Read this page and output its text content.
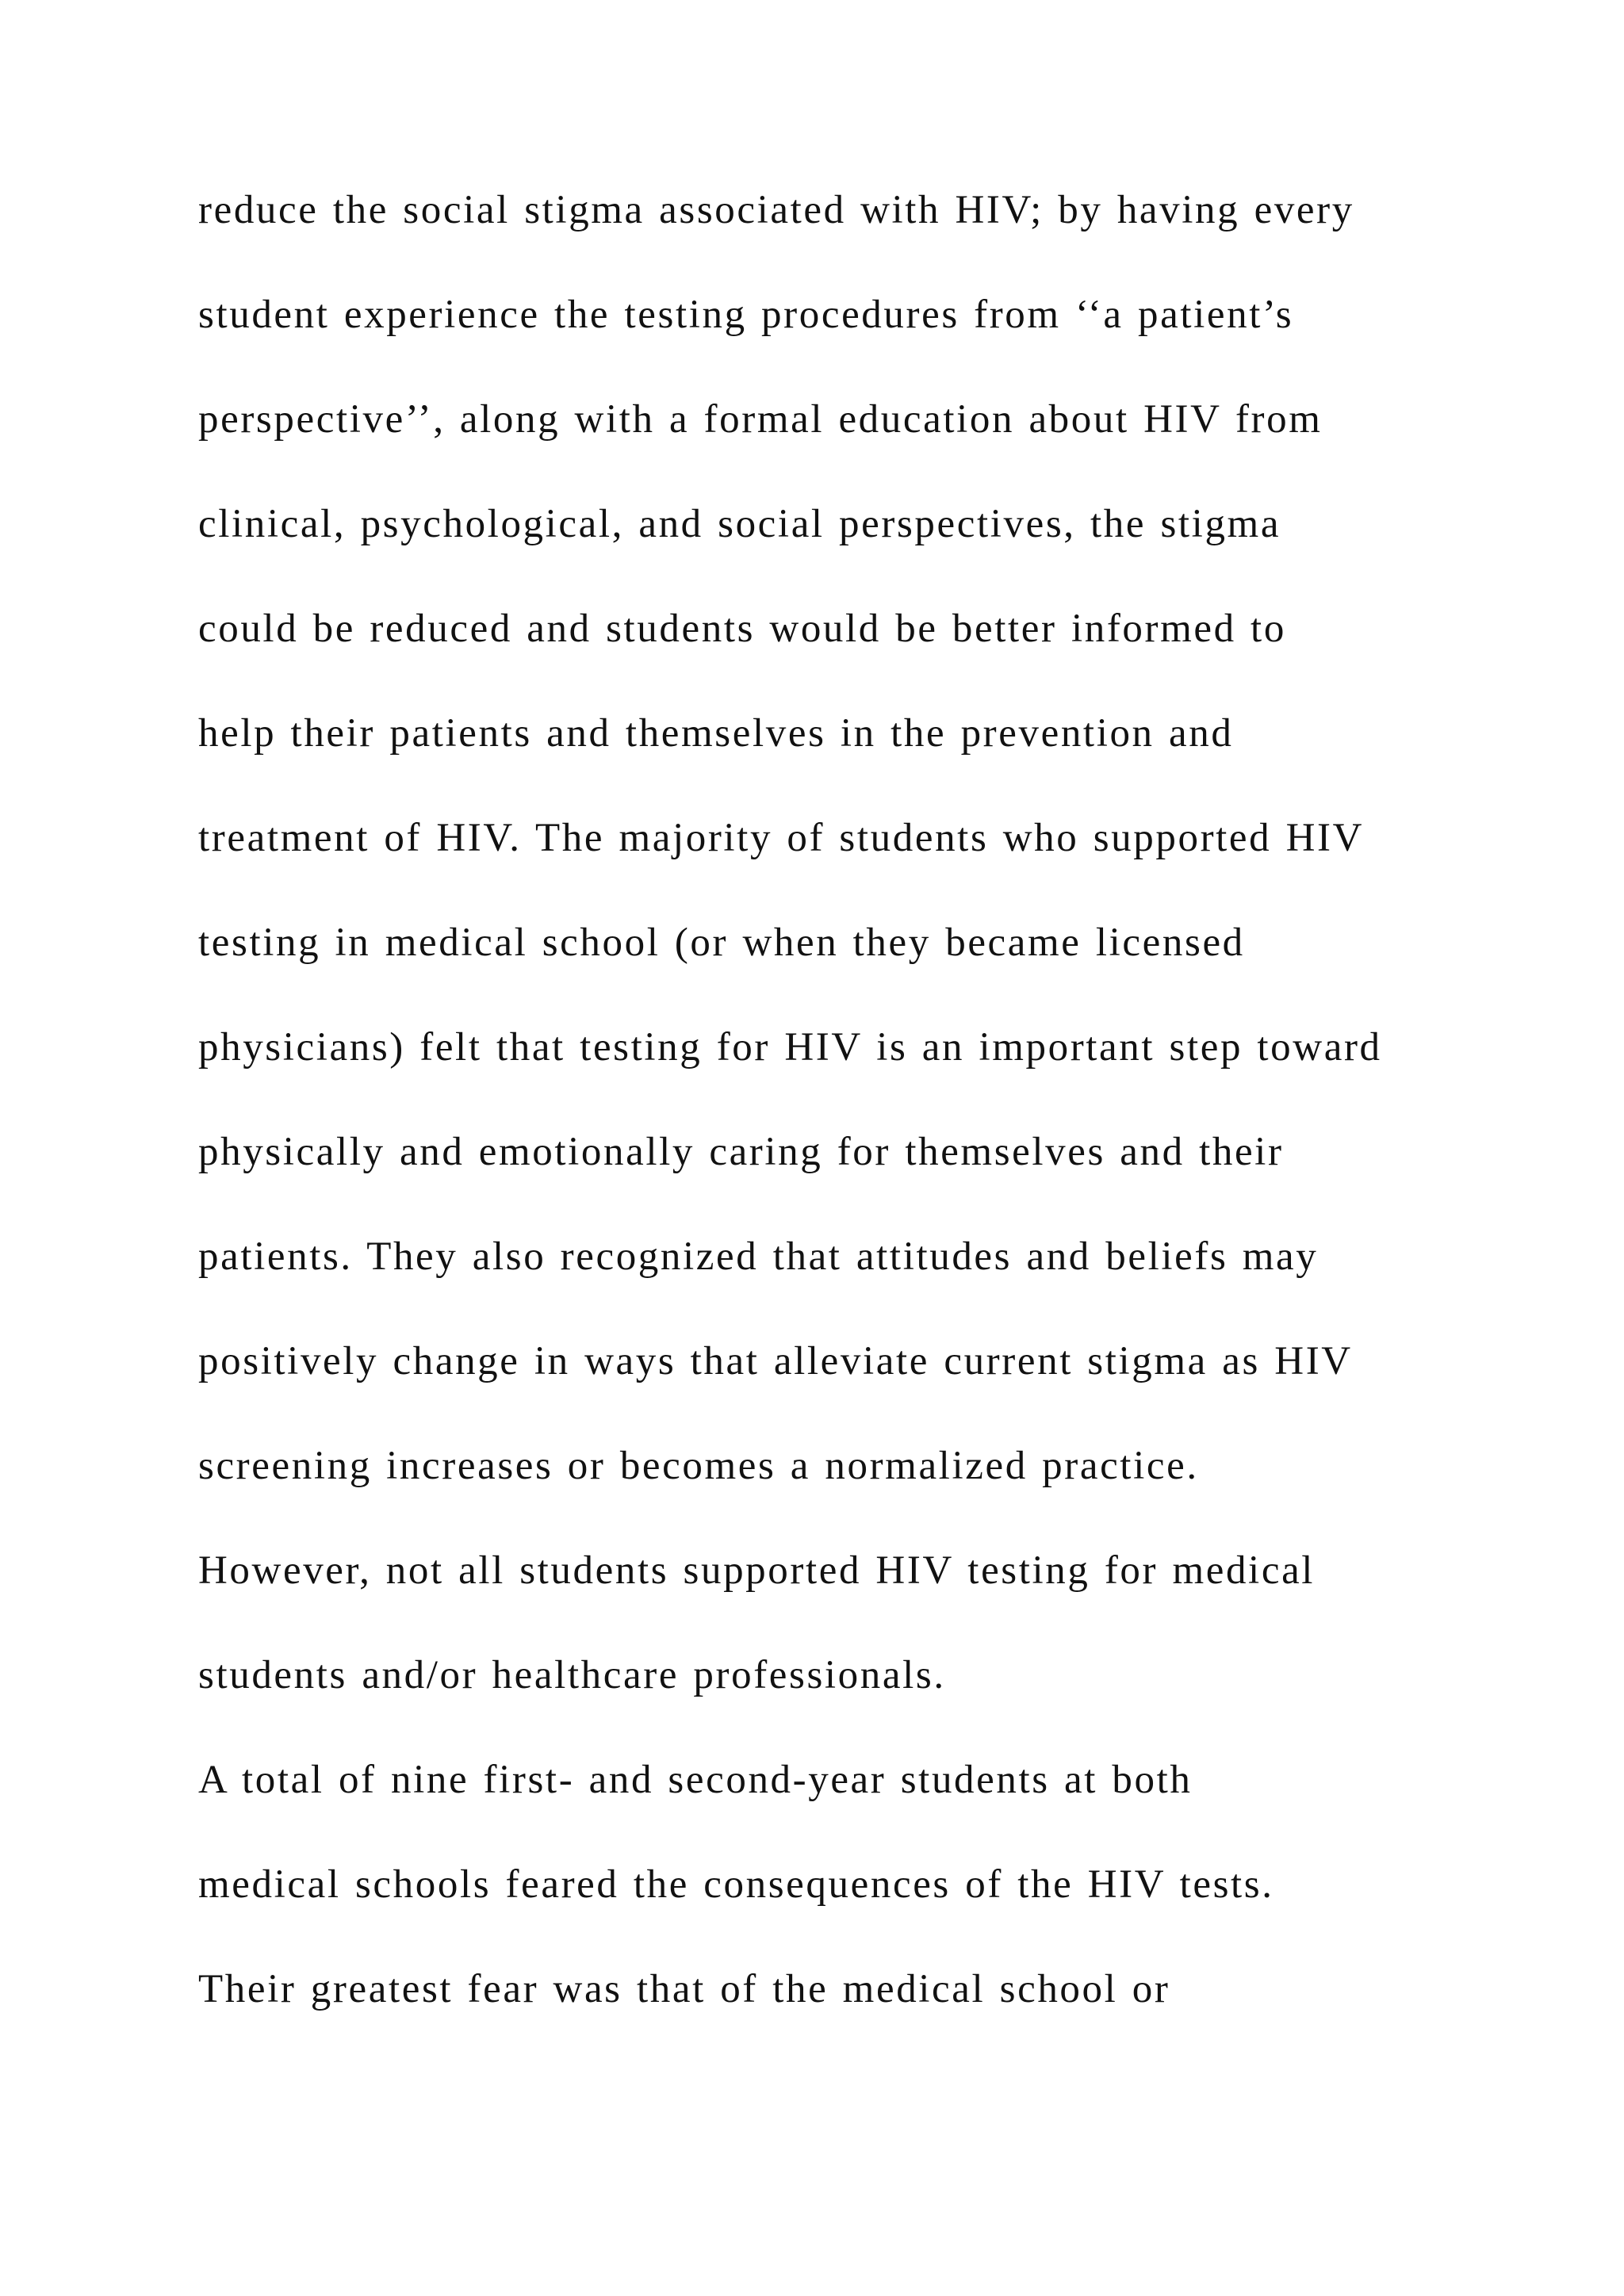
reduce the social stigma associated with HIV; by having every
student experience the testing procedures from ‘‘a patient’s
perspective’’, along with a formal education about HIV from
clinical, psychological, and social perspectives, the stigma
could be reduced and students would be better informed to
help their patients and themselves in the prevention and
treatment of HIV. The majority of students who supported HIV
testing in medical school (or when they became licensed
physicians) felt that testing for HIV is an important step toward
physically and emotionally caring for themselves and their
patients. They also recognized that attitudes and beliefs may
positively change in ways that alleviate current stigma as HIV
screening increases or becomes a normalized practice.
However, not all students supported HIV testing for medical
students and/or healthcare professionals.
A total of nine first- and second-year students at both
medical schools feared the consequences of the HIV tests.
Their greatest fear was that of the medical school or
